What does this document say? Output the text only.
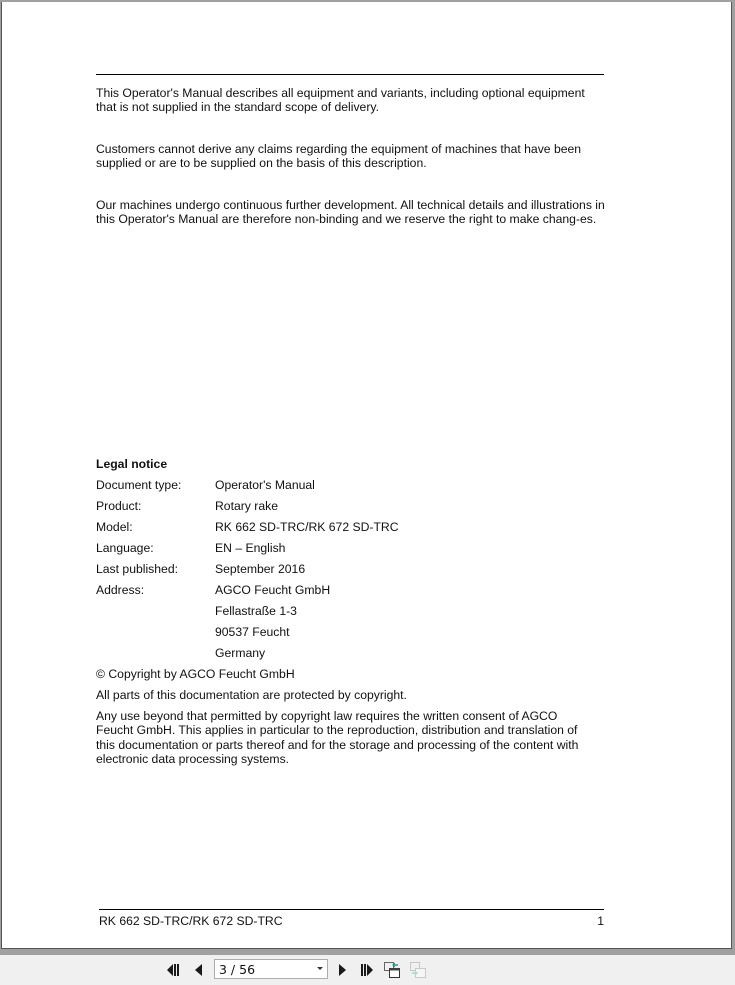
This Operator's Manual describes all equipment and variants, including optional equipment that is not supplied in the standard scope of delivery.
Customers cannot derive any claims regarding the equipment of machines that have been supplied or are to be supplied on the basis of this description.
Our machines undergo continuous further development. All technical details and illustrations in this Operator's Manual are therefore non-binding and we reserve the right to make chang-es.
Legal notice
Document type:	Operator's Manual
Product:	Rotary rake
Model:	RK 662 SD-TRC/RK 672 SD-TRC
Language:	EN – English
Last published:	September 2016
Address:	AGCO Feucht GmbH
Fellastraße 1-3
90537 Feucht
Germany
© Copyright by AGCO Feucht GmbH
All parts of this documentation are protected by copyright.
Any use beyond that permitted by copyright law requires the written consent of AGCO Feucht GmbH. This applies in particular to the reproduction, distribution and translation of this documentation or parts thereof and for the storage and processing of the content with electronic data processing systems.
RK 662 SD-TRC/RK 672 SD-TRC	1
3 / 56
